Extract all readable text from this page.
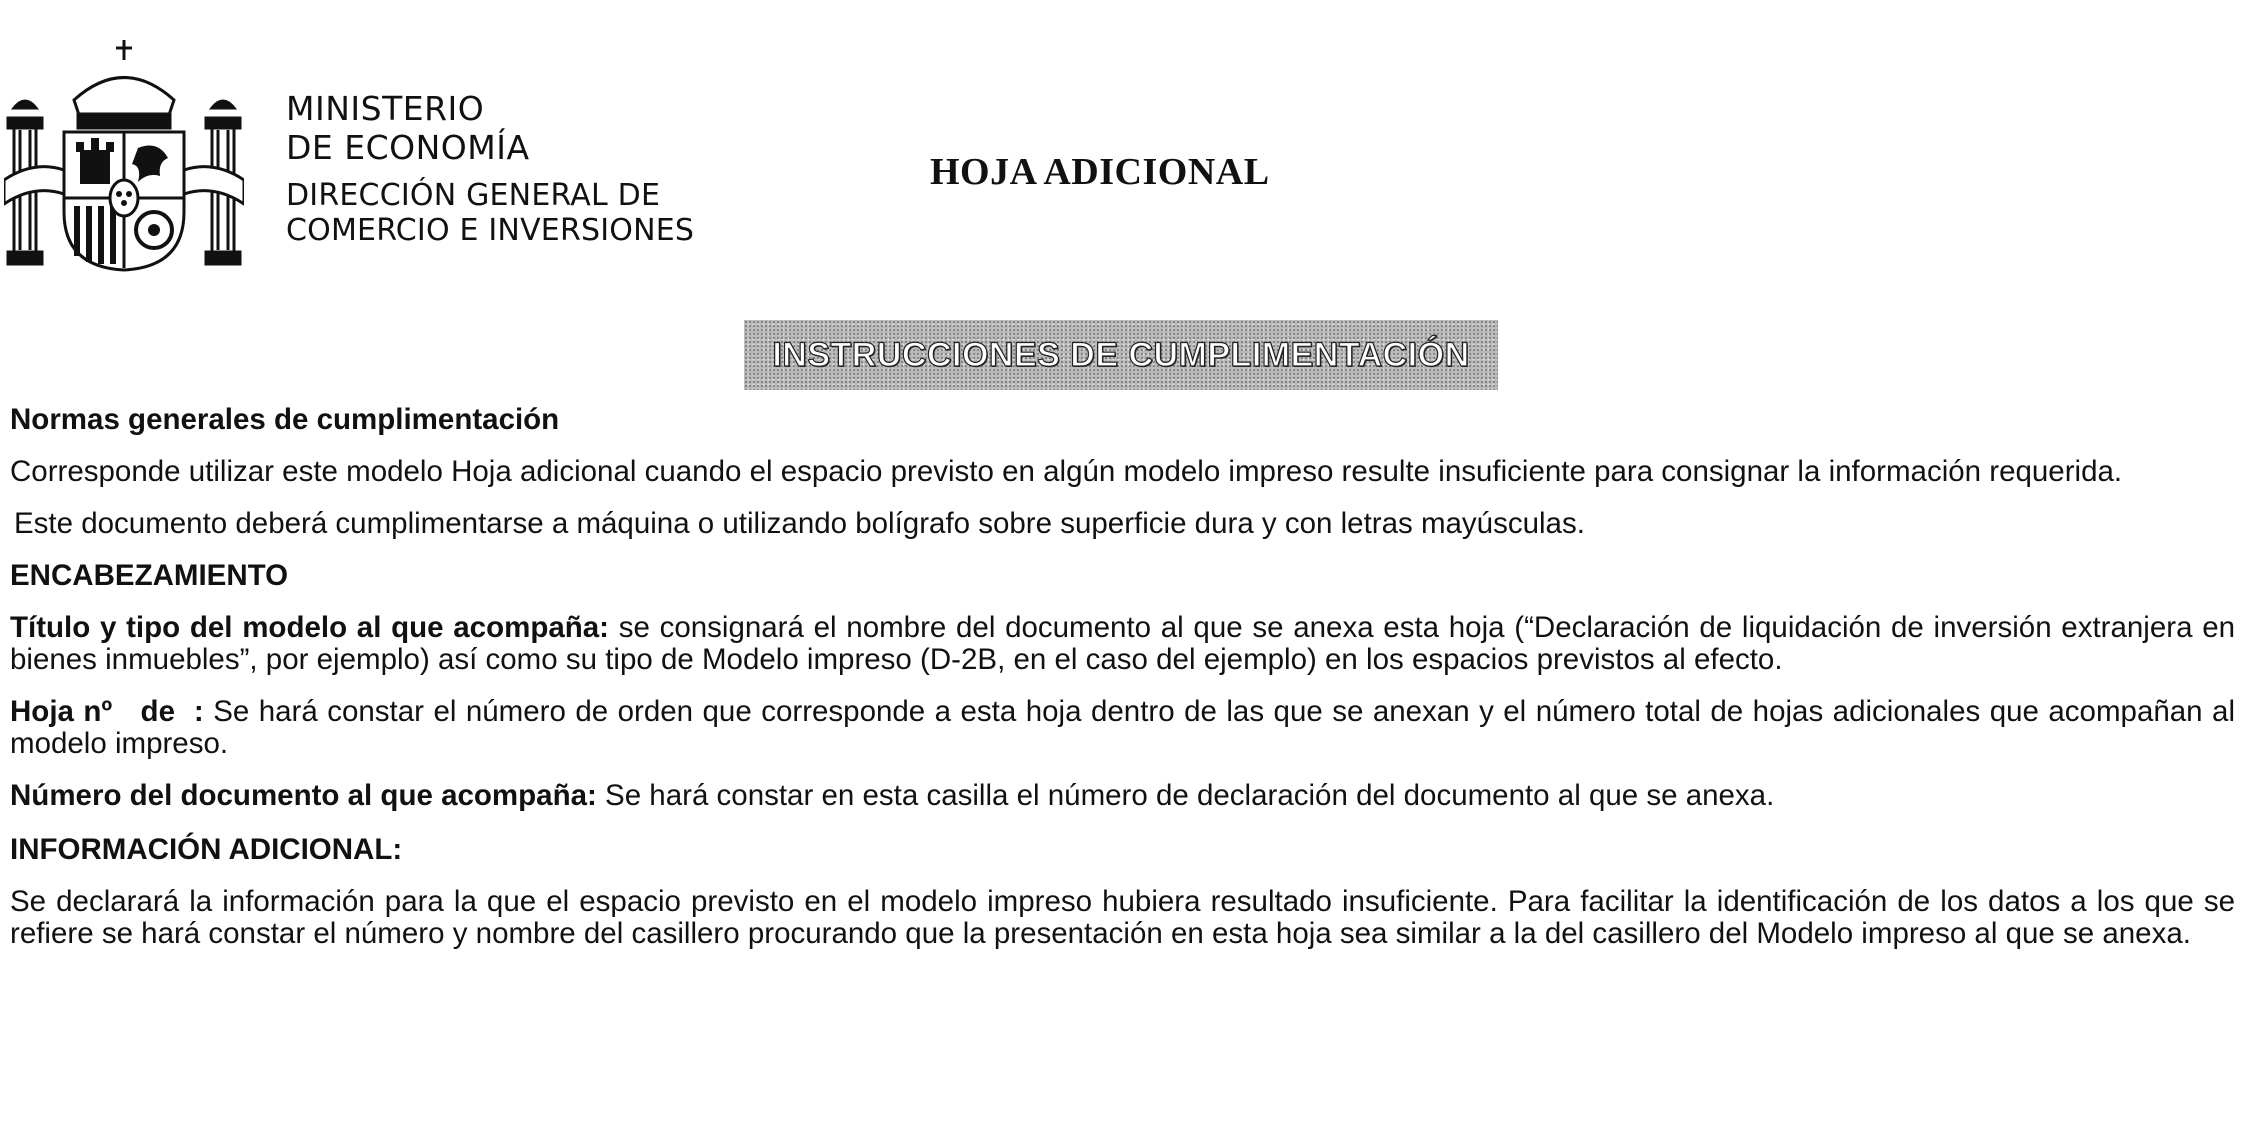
MINISTERIO
DE ECONOMÍA
DIRECCIÓN GENERAL DE
COMERCIO E INVERSIONES
HOJA ADICIONAL
INSTRUCCIONES DE CUMPLIMENTACIÓN
Normas generales de cumplimentación

Corresponde utilizar este modelo Hoja adicional cuando el espacio previsto en algún modelo impreso resulte insuficiente para consignar la información requerida.

Este documento deberá cumplimentarse a máquina o utilizando bolígrafo sobre superficie dura y con letras mayúsculas.

ENCABEZAMIENTO

Título y tipo del modelo al que acompaña: se consignará el nombre del documento al que se anexa esta hoja (“Declaración de liquidación de inversión extranjera en bienes inmuebles”, por ejemplo) así como su tipo de Modelo impreso (D-2B, en el caso del ejemplo) en los espacios previstos al efecto.

Hoja nº   de  : Se hará constar el número de orden que corresponde a esta hoja dentro de las que se anexan y el número total de hojas adicionales que acompañan al modelo impreso.

Número del documento al que acompaña: Se hará constar en esta casilla el número de declaración del documento al que se anexa.

INFORMACIÓN ADICIONAL:

Se declarará la información para la que el espacio previsto en el modelo impreso hubiera resultado insuficiente. Para facilitar la identificación de los datos a los que se refiere se hará constar el número y nombre del casillero procurando que la presentación en esta hoja sea similar a la del casillero del Modelo impreso al que se anexa.
